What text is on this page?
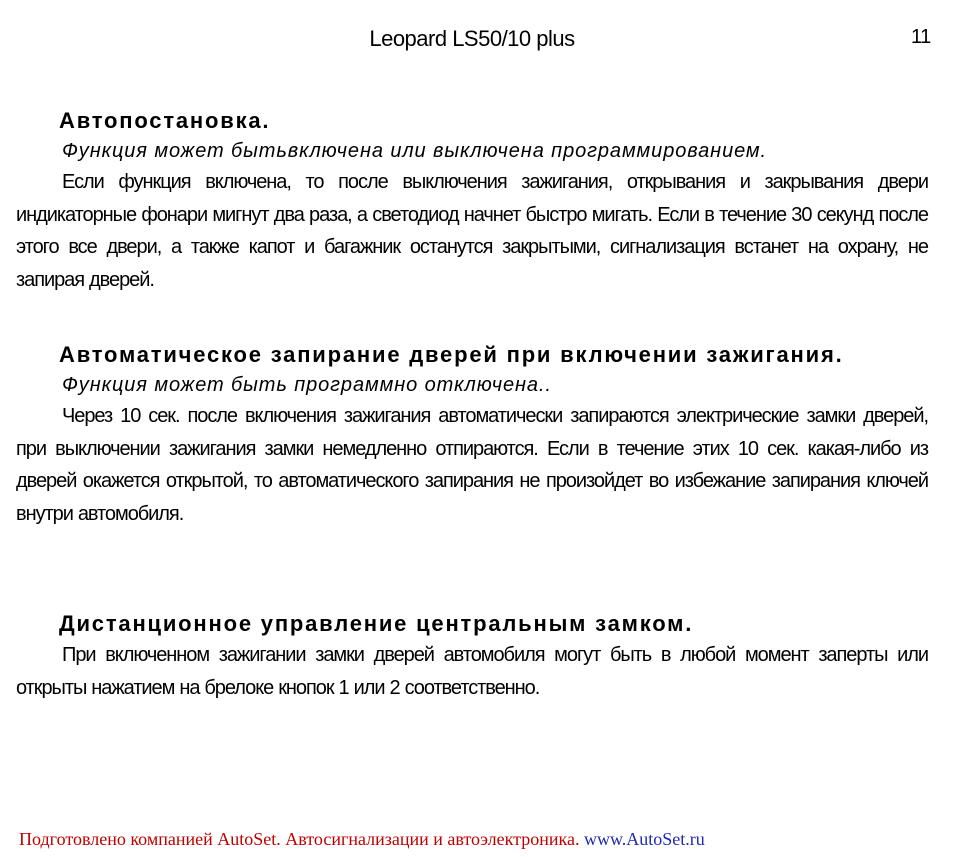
Leopard LS50/10 plus	11
Автопостановка.

Функция может бытьвключена или выключена программированием.

Если функция включена, то после выключения зажигания, открывания и закрывания двери индикаторные фонари мигнут два раза, а светодиод начнет быстро мигать. Если в течение 30 секунд после этого все двери, а также капот и багажник останутся закрытыми, сигнализация встанет на охрану, не запирая дверей.

Автоматическое запирание дверей при включении зажигания.

Функция может быть программно отключена..

Через 10 сек. после включения зажигания автоматически запираются электрические замки дверей, при выключении зажигания замки немедленно отпираются. Если в течение этих 10 сек. какая-либо из дверей окажется открытой, то автоматического запирания не произойдет во избежание запирания ключей внутри автомобиля.

Дистанционное управление центральным замком.

При включенном зажигании замки дверей автомобиля могут быть в любой момент заперты или открыты нажатием на брелоке кнопок 1 или 2 соответственно.

Подготовлено компанией AutoSet. Автосигнализации и автоэлектроника. www.AutoSet.ru
